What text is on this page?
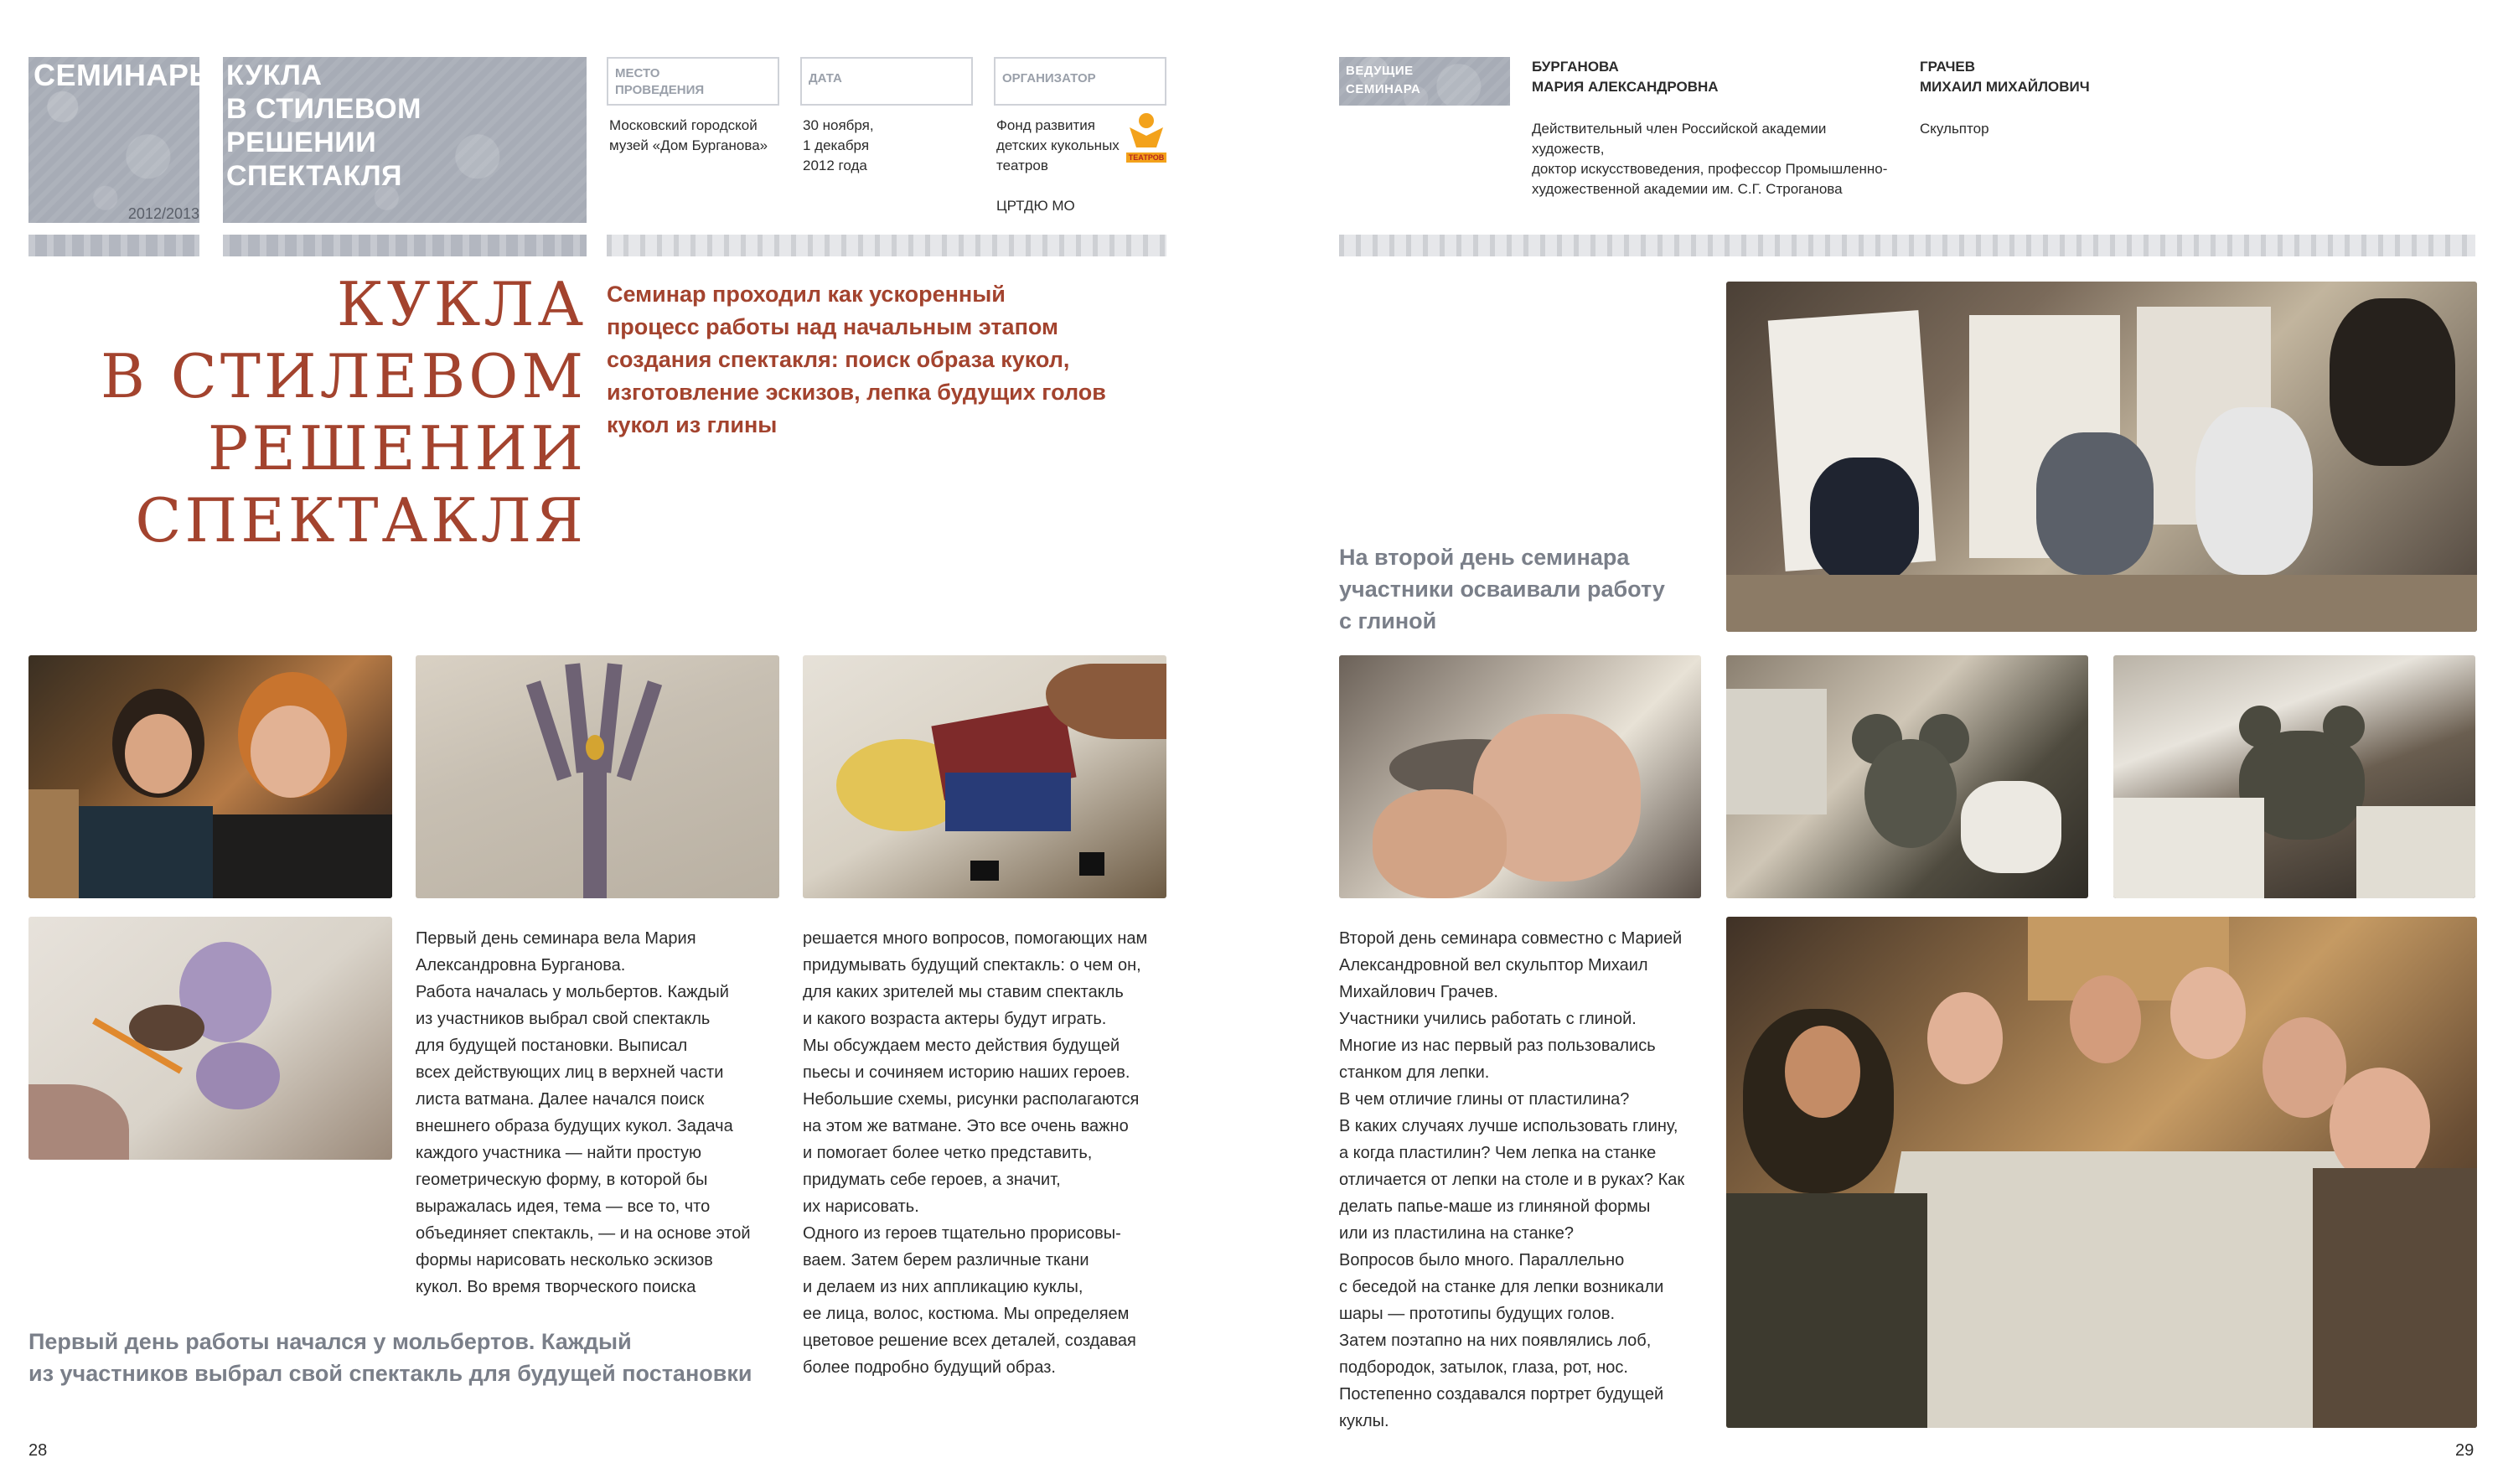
СЕМИНАРЫ
2012/2013
КУКЛА
В СТИЛЕВОМ
РЕШЕНИИ
СПЕКТАКЛЯ
МЕСТО
ПРОВЕДЕНИЯ
ДАТА	ОРГАНИЗАТОР
Московский городской
музей «Дом Бурганова»
30 ноября,
1 декабря
2012 года
Фонд развития
детских кукольных
театров
ЦРТДЮ МО
ТЕАТРОВ
КУКЛА
В СТИЛЕВОМ
РЕШЕНИИ
СПЕКТАКЛЯ
Семинар проходил как ускоренный
процесс работы над начальным этапом
создания спектакля: поиск образа кукол,
изготовление эскизов, лепка будущих голов
кукол из глины

Первый день семинара вела Мария

Александровна Бурганова.

Работа началась у мольбертов. Каждый

из участников выбрал свой спектакль

для будущей постановки. Выписал

всех действующих лиц в верхней части

листа ватмана. Далее начался поиск

внешнего образа будущих кукол. Задача

каждого участника — найти простую

геометрическую форму, в которой бы

выражалась идея, тема — все то, что

объединяет спектакль, — и на основе этой

формы нарисовать несколько эскизов

кукол. Во время творческого поиска

решается много вопросов, помогающих нам

придумывать будущий спектакль: о чем он,

для каких зрителей мы ставим спектакль

и какого возраста актеры будут играть.

Мы обсуждаем место действия будущей

пьесы и сочиняем историю наших героев.

Небольшие схемы, рисунки располагаются

на этом же ватмане. Это все очень важно

и помогает более четко представить,

придумать себе героев, а значит,

их нарисовать.

Одного из героев тщательно прорисовы-

ваем. Затем берем различные ткани

и делаем из них аппликацию куклы,

ее лица, волос, костюма. Мы определяем

цветовое решение всех деталей, создавая

более подробно будущий образ.

Первый день работы начался у мольбертов. Каждый
из участников выбрал свой спектакль для будущей постановки
28
ВЕДУЩИЕ
СЕМИНАРА
БУРГАНОВА
МАРИЯ АЛЕКСАНДРОВНА
Действительный член Российской академии художеств,
доктор искусствоведения, профессор Промышленно-
художественной академии им. С.Г. Строганова
ГРАЧЕВ
МИХАИЛ МИХАЙЛОВИЧ
Скульптор
На второй день семинара
участники осваивали работу
с глиной

Второй день семинара совместно с Марией

Александровной вел скульптор Михаил

Михайлович Грачев.

Участники учились работать с глиной.

Многие из нас первый раз пользовались

станком для лепки.

В чем отличие глины от пластилина?

В каких случаях лучше использовать глину,

а когда пластилин? Чем лепка на станке

отличается от лепки на столе и в руках? Как

делать папье-маше из глиняной формы

или из пластилина на станке?

Вопросов было много. Параллельно

с беседой на станке для лепки возникали

шары — прототипы будущих голов.

Затем поэтапно на них появлялись лоб,

подбородок, затылок, глаза, рот, нос.

Постепенно создавался портрет будущей

куклы.

29
